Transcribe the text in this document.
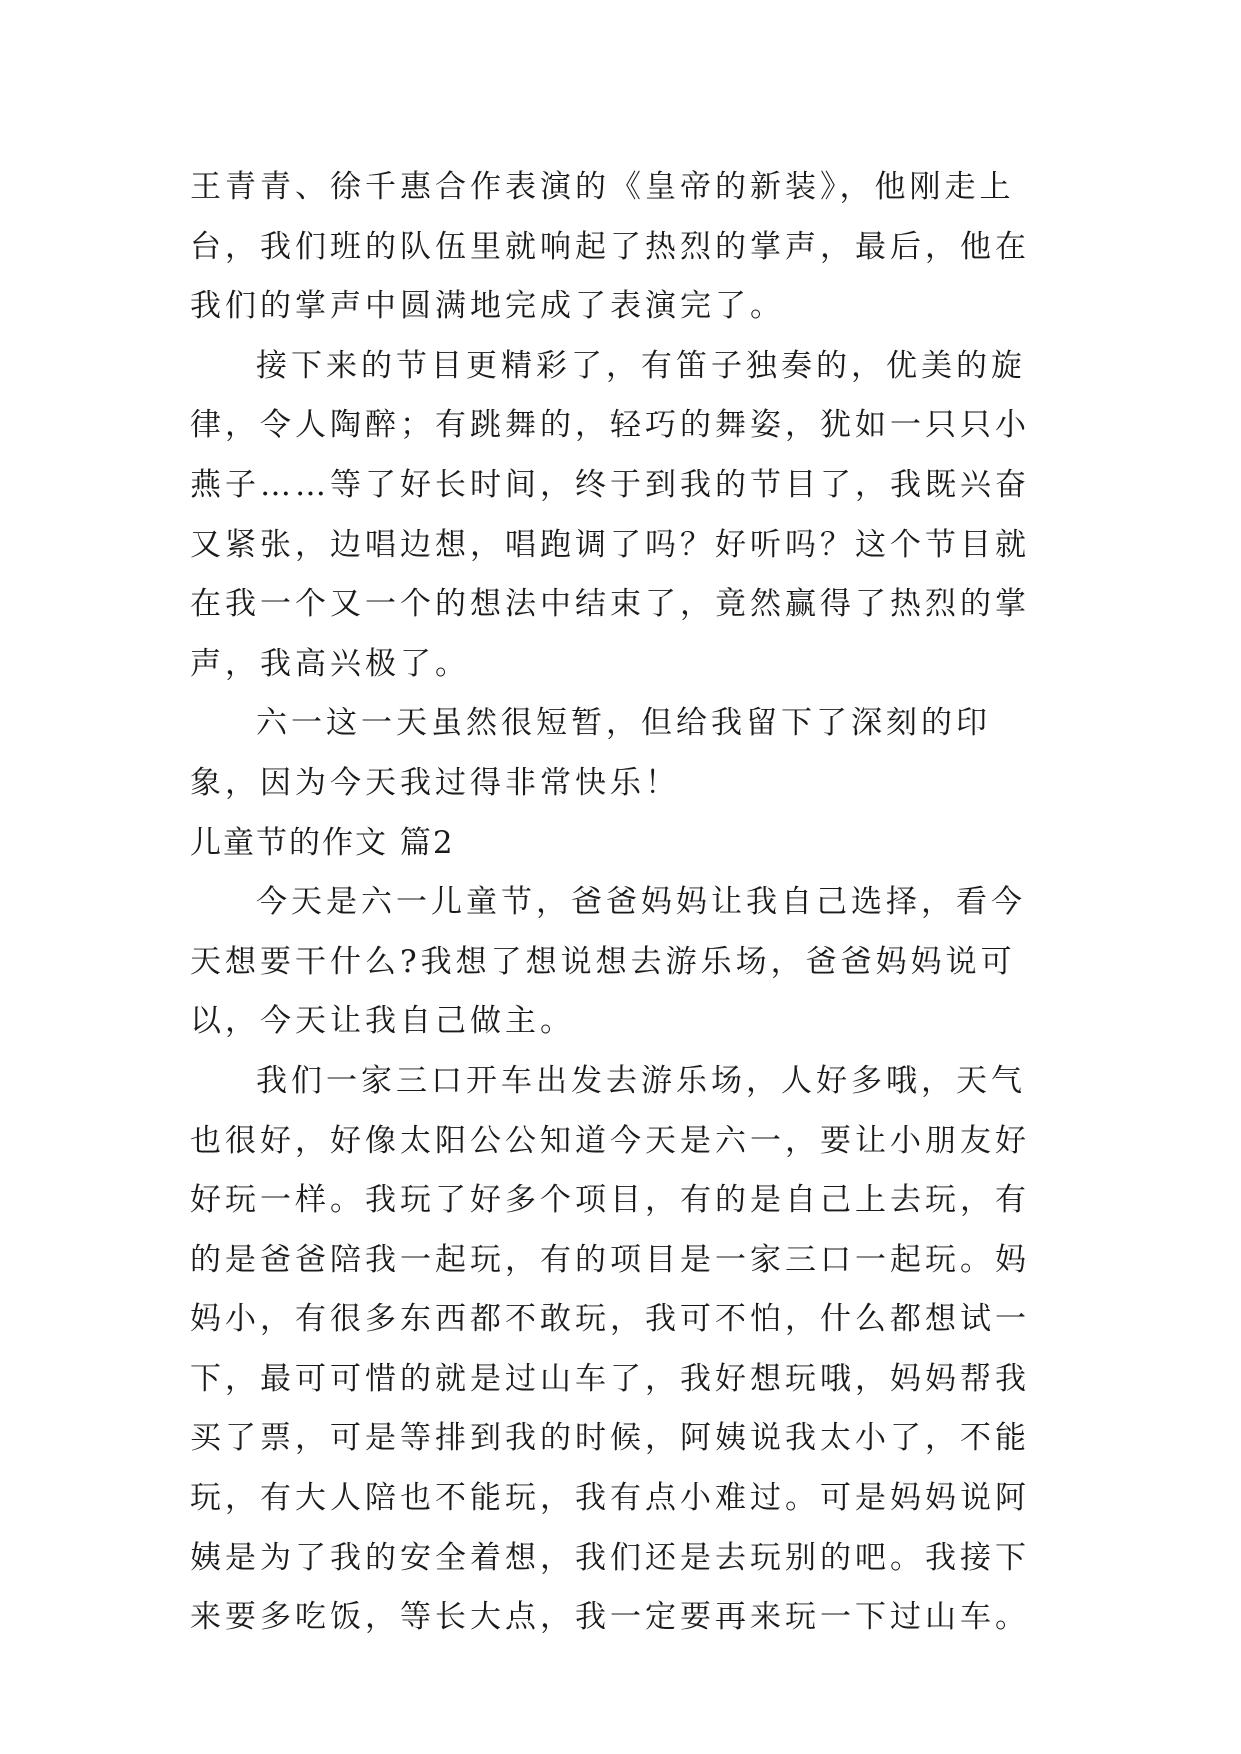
王青青、徐千惠合作表演的《皇帝的新装》，他刚走上台，我们班的队伍里就响起了热烈的掌声，最后，他在我们的掌声中圆满地完成了表演完了。

接下来的节目更精彩了，有笛子独奏的，优美的旋律，令人陶醉；有跳舞的，轻巧的舞姿，犹如一只只小燕子……等了好长时间，终于到我的节目了，我既兴奋又紧张，边唱边想，唱跑调了吗？好听吗？这个节目就在我一个又一个的想法中结束了，竟然赢得了热烈的掌声，我高兴极了。

六一这一天虽然很短暂，但给我留下了深刻的印象，因为今天我过得非常快乐！

儿童节的作文 篇2

今天是六一儿童节，爸爸妈妈让我自己选择，看今天想要干什么?我想了想说想去游乐场，爸爸妈妈说可以，今天让我自己做主。

我们一家三口开车出发去游乐场，人好多哦，天气也很好，好像太阳公公知道今天是六一，要让小朋友好好玩一样。我玩了好多个项目，有的是自己上去玩，有的是爸爸陪我一起玩，有的项目是一家三口一起玩。妈妈小，有很多东西都不敢玩，我可不怕，什么都想试一下，最可可惜的就是过山车了，我好想玩哦，妈妈帮我买了票，可是等排到我的时候，阿姨说我太小了，不能玩，有大人陪也不能玩，我有点小难过。可是妈妈说阿姨是为了我的安全着想，我们还是去玩别的吧。我接下来要多吃饭，等长大点，我一定要再来玩一下过山车。
